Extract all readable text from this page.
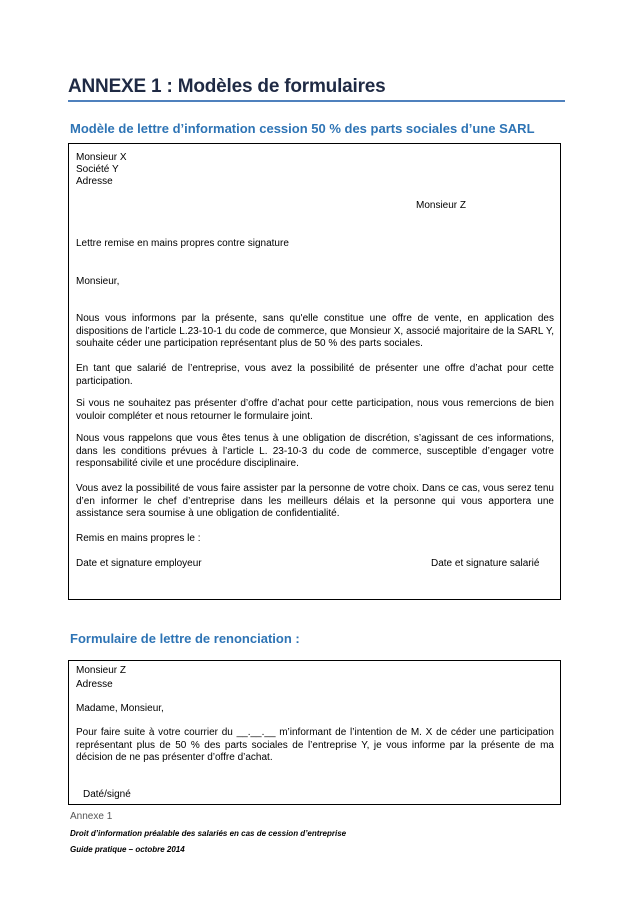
ANNEXE 1 : Modèles de formulaires
Modèle de lettre d’information cession 50 % des parts sociales d’une SARL
Monsieur X
Société Y
Adresse
Monsieur Z
Lettre remise en mains propres contre signature
Monsieur,
Nous vous informons par la présente, sans qu'elle constitue une offre de vente, en application des dispositions de l’article L.23-10-1 du code de commerce, que Monsieur X, associé majoritaire de la SARL Y, souhaite céder une participation représentant plus de 50 % des parts sociales.
En tant que salarié de l’entreprise, vous avez la possibilité de présenter une offre d’achat pour cette participation.
Si vous ne souhaitez pas présenter d’offre d’achat pour cette participation, nous vous remercions de bien vouloir compléter et nous retourner le formulaire joint.
Nous vous rappelons que vous êtes tenus à une obligation de discrétion, s’agissant de ces informations, dans les conditions prévues à l’article L. 23-10-3 du code de commerce, susceptible d’engager votre responsabilité civile et une procédure disciplinaire.
Vous avez la possibilité de vous faire assister par la personne de votre choix. Dans ce cas, vous serez tenu d’en informer le chef d’entreprise dans les meilleurs délais et la personne qui vous apportera une assistance sera soumise à une obligation de confidentialité.
Remis en mains propres le :
Date et signature employeur	Date et signature salarié
Formulaire de lettre de renonciation :
Monsieur Z
Adresse
Madame, Monsieur,
Pour faire suite à votre courrier du __.__.__ m’informant de l’intention de M. X de céder une participation représentant plus de 50 % des parts sociales de l’entreprise Y, je vous informe par la présente de ma décision de ne pas présenter d’offre d’achat.
Daté/signé
Annexe 1
Droit d’information préalable des salariés en cas de cession d’entreprise
Guide pratique – octobre 2014
